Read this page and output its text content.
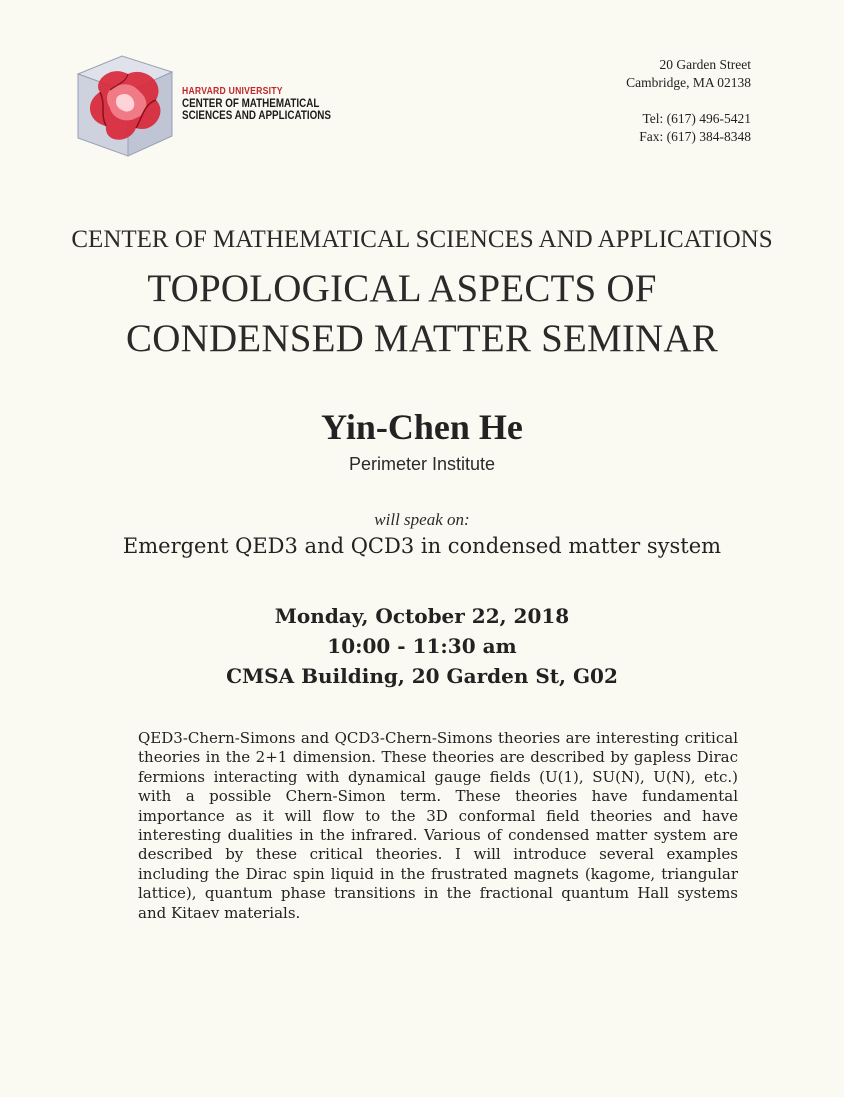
HARVARD UNIVERSITY
CENTER OF MATHEMATICAL
SCIENCES AND APPLICATIONS
20 Garden Street
Cambridge, MA 02138
Tel: (617) 496-5421
Fax: (617) 384-8348
CENTER OF MATHEMATICAL SCIENCES AND APPLICATIONS
TOPOLOGICAL ASPECTS OF
CONDENSED MATTER SEMINAR
Yin-Chen He
Perimeter Institute
will speak on:
Emergent QED3 and QCD3 in condensed matter system
Monday, October 22, 2018
10:00 - 11:30 am
CMSA Building, 20 Garden St, G02
QED3-Chern-Simons and QCD3-Chern-Simons theories are interesting critical theories in the 2+1 dimension. These theories are described by gapless Dirac fermions interacting with dynamical gauge fields (U(1), SU(N), U(N), etc.) with a possible Chern-Simon term. These theories have fundamental importance as it will flow to the 3D conformal field theories and have interesting dualities in the infrared. Various of condensed matter system are described by these critical theories. I will introduce several examples including the Dirac spin liquid in the frustrated magnets (kagome, triangular lattice), quantum phase transitions in the fractional quantum Hall systems and Kitaev materials.
